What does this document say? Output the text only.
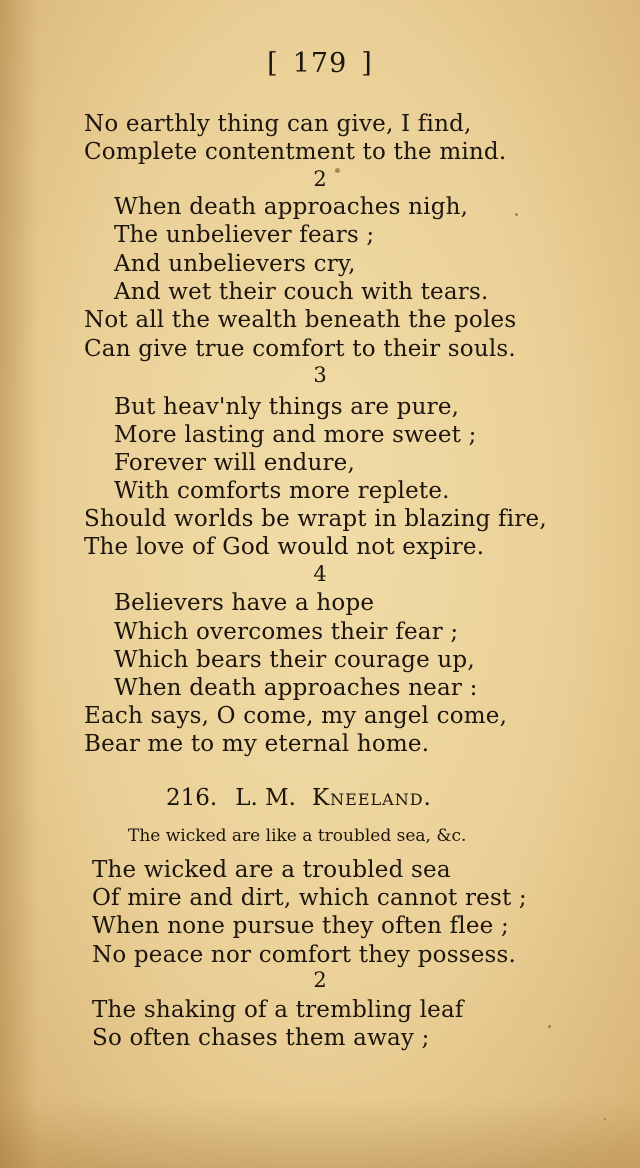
[ 179 ]
No earthly thing can give, I find,
Complete contentment to the mind.
2
When death approaches nigh,
The unbeliever fears ;
And unbelievers cry,
And wet their couch with tears.
Not all the wealth beneath the poles
Can give true comfort to their souls.
3
But heav'nly things are pure,
More lasting and more sweet ;
Forever will endure,
With comforts more replete.
Should worlds be wrapt in blazing fire,
The love of God would not expire.
4
Believers have a hope
Which overcomes their fear ;
Which bears their courage up,
When death approaches near :
Each says, O come, my angel come,
Bear me to my eternal home.
216. L. M. Kneeland.
The wicked are like a troubled sea, &c.
The wicked are a troubled sea
Of mire and dirt, which cannot rest ;
When none pursue they often flee ;
No peace nor comfort they possess.
2
The shaking of a trembling leaf
So often chases them away ;
